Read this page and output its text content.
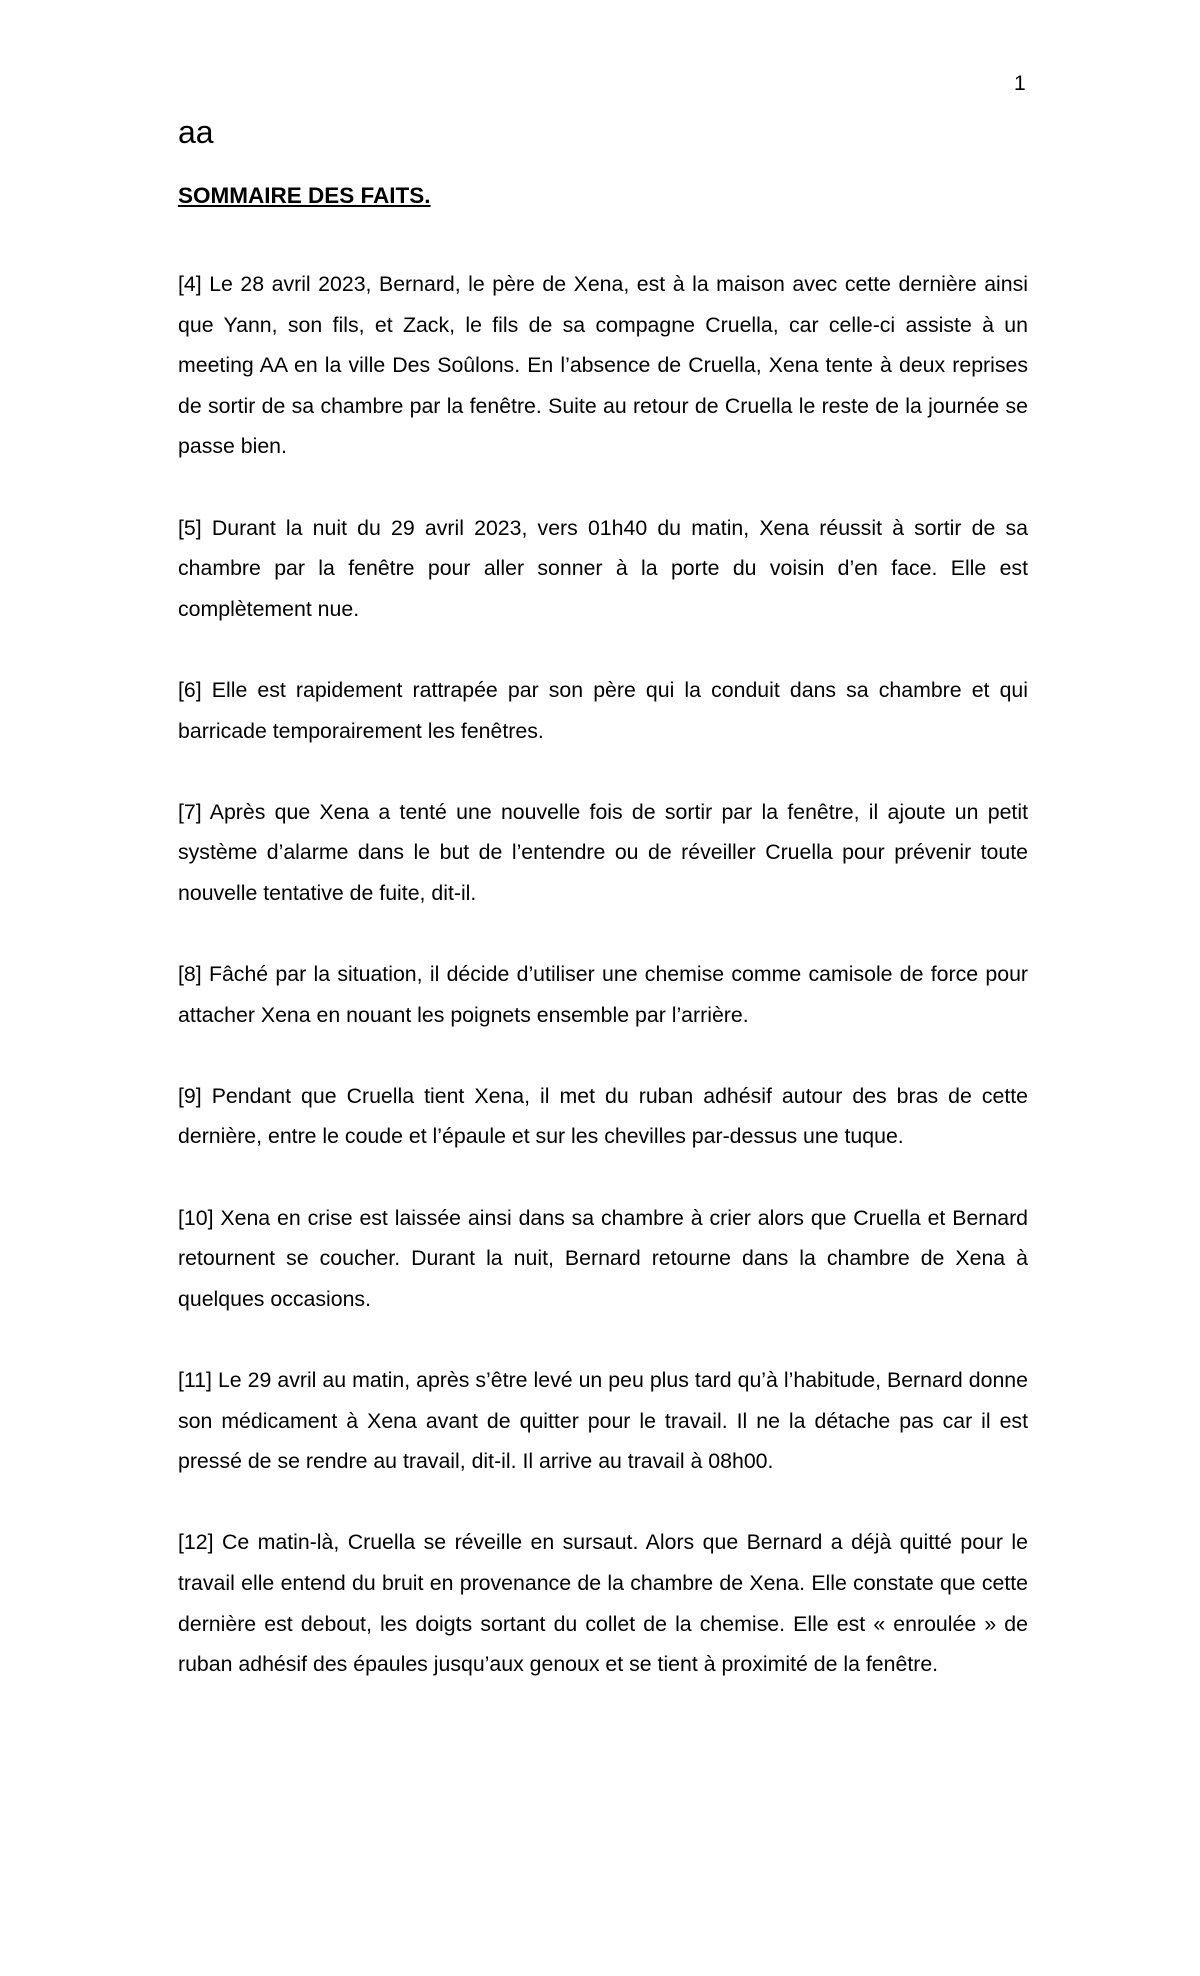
1
aa
SOMMAIRE DES FAITS.

[4] Le 28 avril 2023, Bernard, le père de Xena, est à la maison avec cette dernière ainsi que Yann, son fils, et Zack, le fils de sa compagne Cruella, car celle-ci assiste à un meeting AA en la ville Des Soûlons. En l’absence de Cruella, Xena tente à deux reprises de sortir de sa chambre par la fenêtre. Suite au retour de Cruella le reste de la journée se passe bien.

[5] Durant la nuit du 29 avril 2023, vers 01h40 du matin, Xena réussit à sortir de sa chambre par la fenêtre pour aller sonner à la porte du voisin d’en face. Elle est complètement nue.

[6] Elle est rapidement rattrapée par son père qui la conduit dans sa chambre et qui barricade temporairement les fenêtres.

[7] Après que Xena a tenté une nouvelle fois de sortir par la fenêtre, il ajoute un petit système d’alarme dans le but de l’entendre ou de réveiller Cruella pour prévenir toute nouvelle tentative de fuite, dit-il.

[8] Fâché par la situation, il décide d’utiliser une chemise comme camisole de force pour attacher Xena en nouant les poignets ensemble par l’arrière.

[9] Pendant que Cruella tient Xena, il met du ruban adhésif autour des bras de cette dernière, entre le coude et l’épaule et sur les chevilles par-dessus une tuque.

[10] Xena en crise est laissée ainsi dans sa chambre à crier alors que Cruella et Bernard retournent se coucher. Durant la nuit, Bernard retourne dans la chambre de Xena à quelques occasions.

[11] Le 29 avril au matin, après s’être levé un peu plus tard qu’à l’habitude, Bernard donne son médicament à Xena avant de quitter pour le travail. Il ne la détache pas car il est pressé de se rendre au travail, dit-il. Il arrive au travail à 08h00.

[12] Ce matin-là, Cruella se réveille en sursaut. Alors que Bernard a déjà quitté pour le travail elle entend du bruit en provenance de la chambre de Xena. Elle constate que cette dernière est debout, les doigts sortant du collet de la chemise. Elle est « enroulée » de ruban adhésif des épaules jusqu’aux genoux et se tient à proximité de la fenêtre.
